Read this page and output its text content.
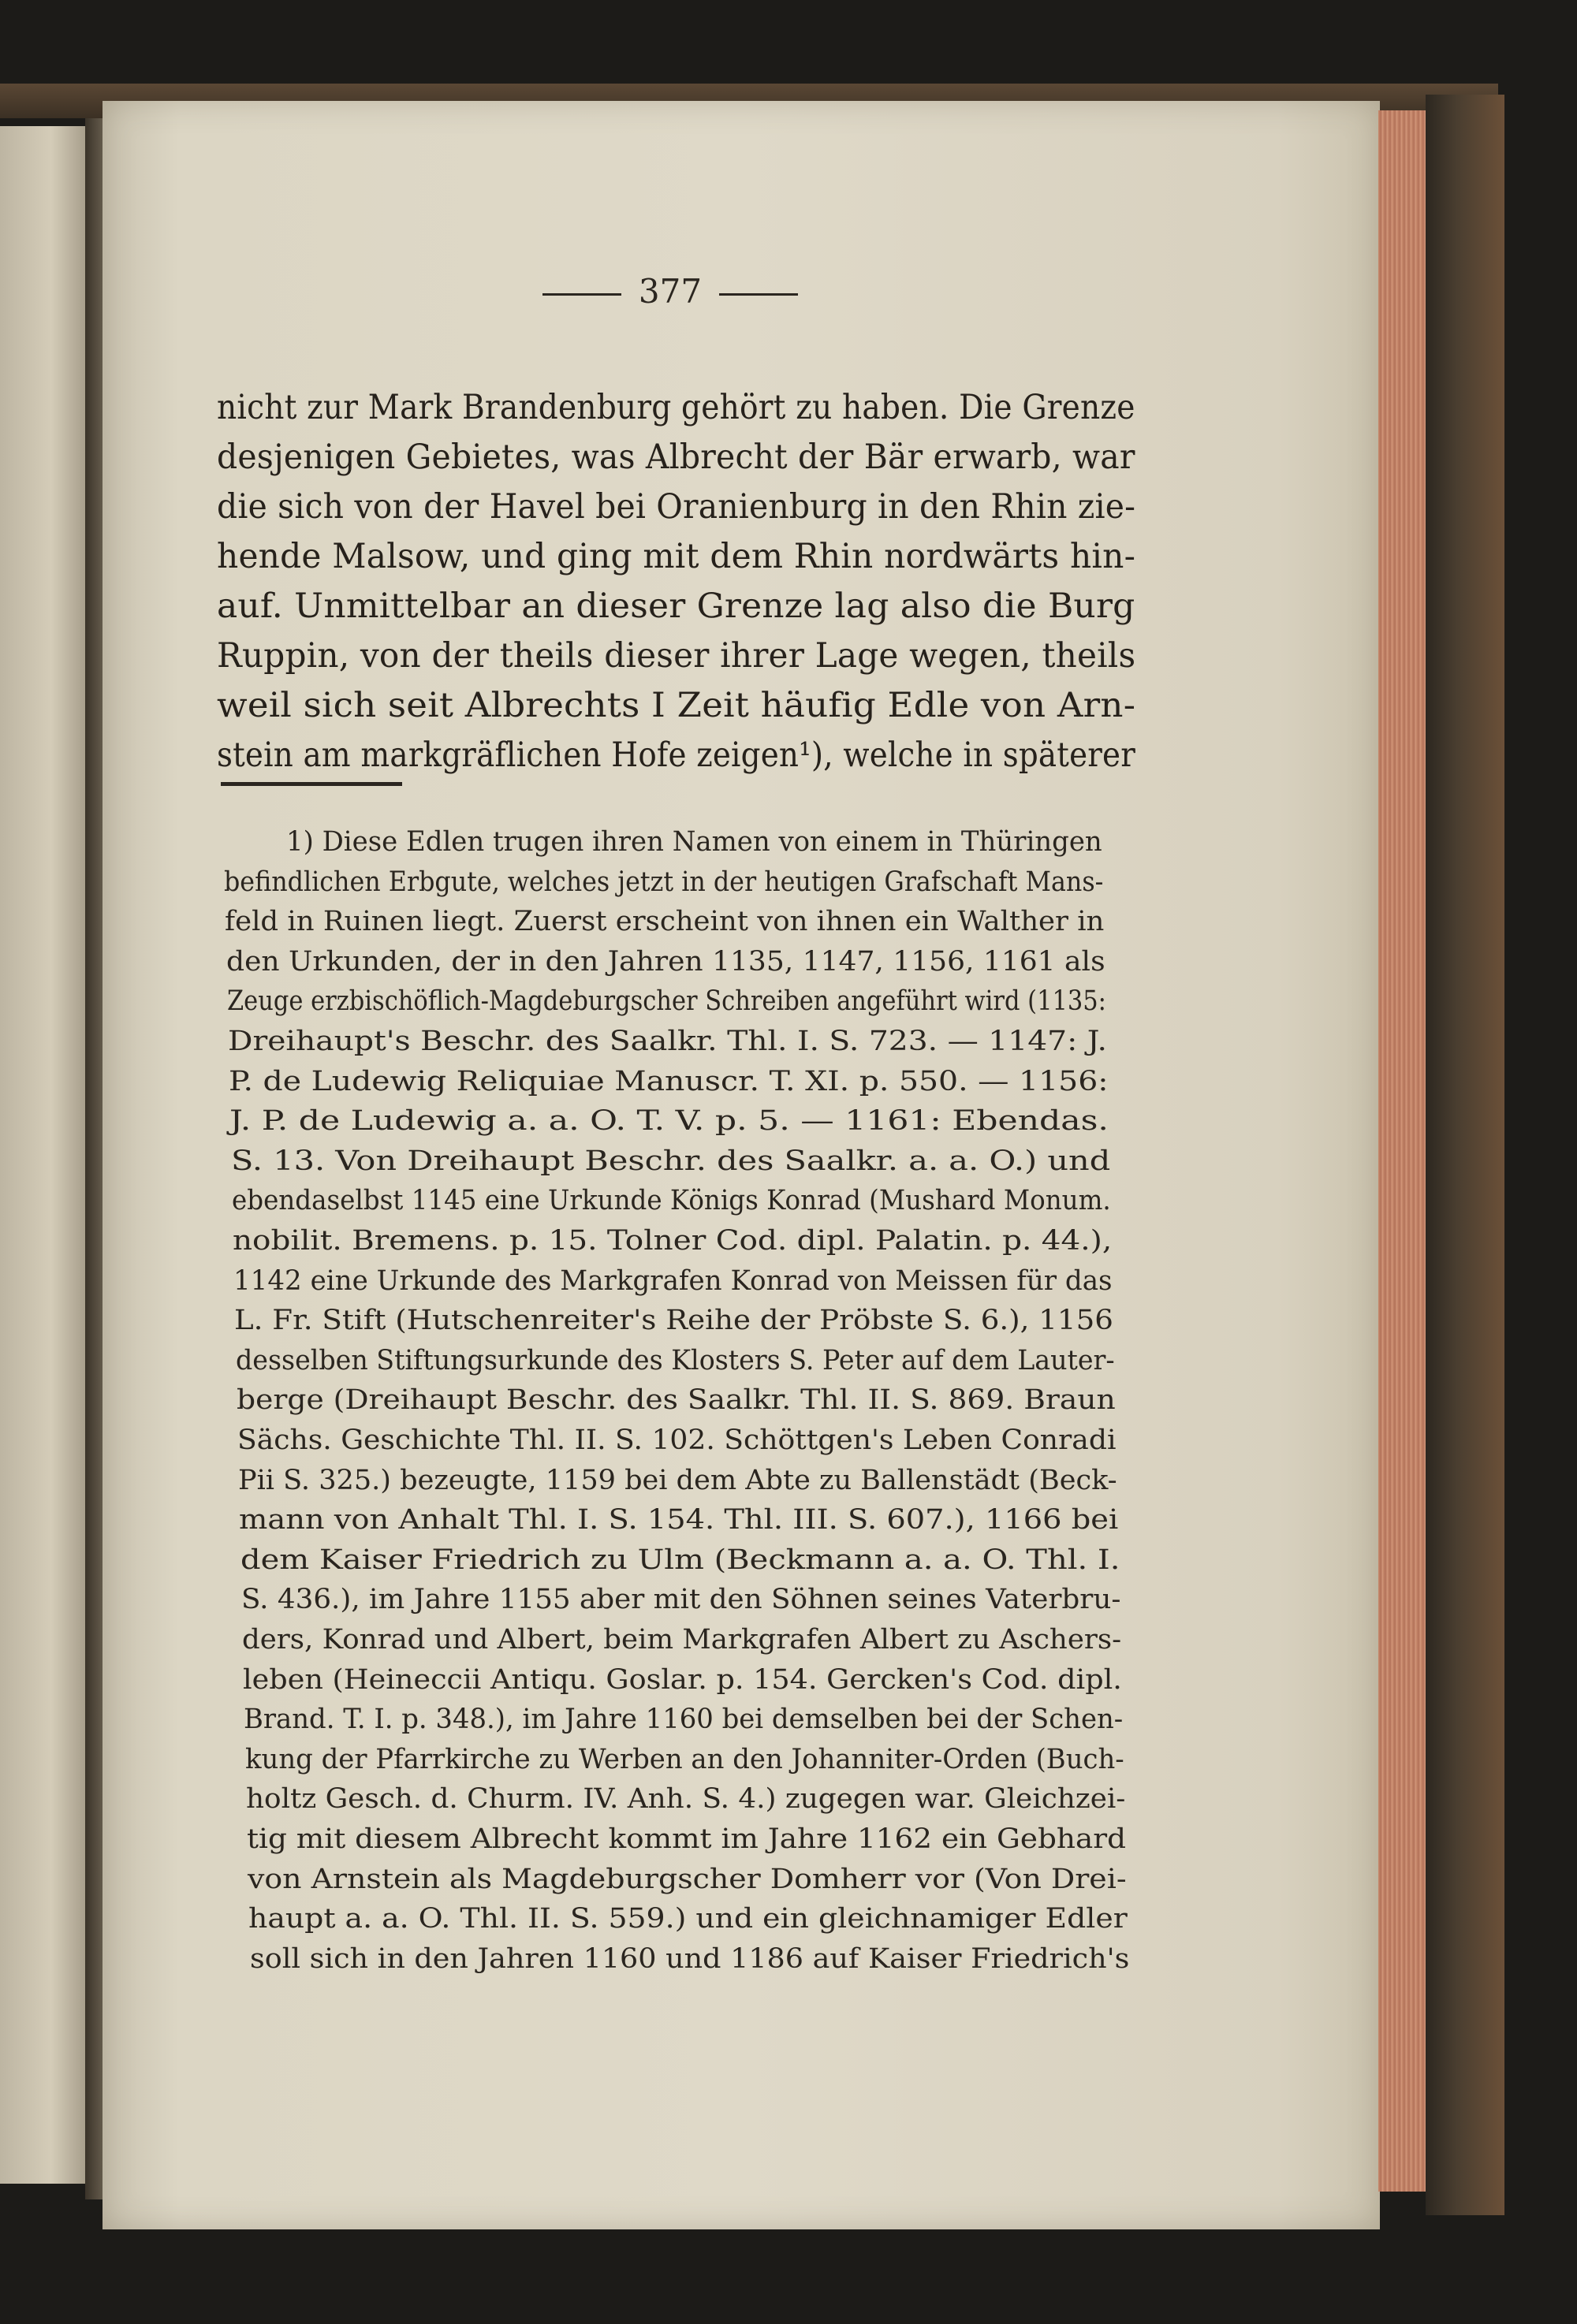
377
nicht zur Mark Brandenburg gehört zu haben. Die Grenze
desjenigen Gebietes, was Albrecht der Bär erwarb, war
die sich von der Havel bei Oranienburg in den Rhin zie-
hende Malsow, und ging mit dem Rhin nordwärts hin-
auf. Unmittelbar an dieser Grenze lag also die Burg
Ruppin, von der theils dieser ihrer Lage wegen, theils
weil sich seit Albrechts I Zeit häufig Edle von Arn-
stein am markgräflichen Hofe zeigen¹), welche in späterer
1) Diese Edlen trugen ihren Namen von einem in Thüringen
befindlichen Erbgute, welches jetzt in der heutigen Grafschaft Mans-
feld in Ruinen liegt. Zuerst erscheint von ihnen ein Walther in
den Urkunden, der in den Jahren 1135, 1147, 1156, 1161 als
Zeuge erzbischöflich-Magdeburgscher Schreiben angeführt wird (1135:
Dreihaupt's Beschr. des Saalkr. Thl. I. S. 723. — 1147: J.
P. de Ludewig Reliquiae Manuscr. T. XI. p. 550. — 1156:
J. P. de Ludewig a. a. O. T. V. p. 5. — 1161: Ebendas.
S. 13. Von Dreihaupt Beschr. des Saalkr. a. a. O.) und
ebendaselbst 1145 eine Urkunde Königs Konrad (Mushard Monum.
nobilit. Bremens. p. 15. Tolner Cod. dipl. Palatin. p. 44.),
1142 eine Urkunde des Markgrafen Konrad von Meissen für das
L. Fr. Stift (Hutschenreiter's Reihe der Pröbste S. 6.), 1156
desselben Stiftungsurkunde des Klosters S. Peter auf dem Lauter-
berge (Dreihaupt Beschr. des Saalkr. Thl. II. S. 869. Braun
Sächs. Geschichte Thl. II. S. 102. Schöttgen's Leben Conradi
Pii S. 325.) bezeugte, 1159 bei dem Abte zu Ballenstädt (Beck-
mann von Anhalt Thl. I. S. 154. Thl. III. S. 607.), 1166 bei
dem Kaiser Friedrich zu Ulm (Beckmann a. a. O. Thl. I.
S. 436.), im Jahre 1155 aber mit den Söhnen seines Vaterbru-
ders, Konrad und Albert, beim Markgrafen Albert zu Aschers-
leben (Heineccii Antiqu. Goslar. p. 154. Gercken's Cod. dipl.
Brand. T. I. p. 348.), im Jahre 1160 bei demselben bei der Schen-
kung der Pfarrkirche zu Werben an den Johanniter-Orden (Buch-
holtz Gesch. d. Churm. IV. Anh. S. 4.) zugegen war. Gleichzei-
tig mit diesem Albrecht kommt im Jahre 1162 ein Gebhard
von Arnstein als Magdeburgscher Domherr vor (Von Drei-
haupt a. a. O. Thl. II. S. 559.) und ein gleichnamiger Edler
soll sich in den Jahren 1160 und 1186 auf Kaiser Friedrich's
